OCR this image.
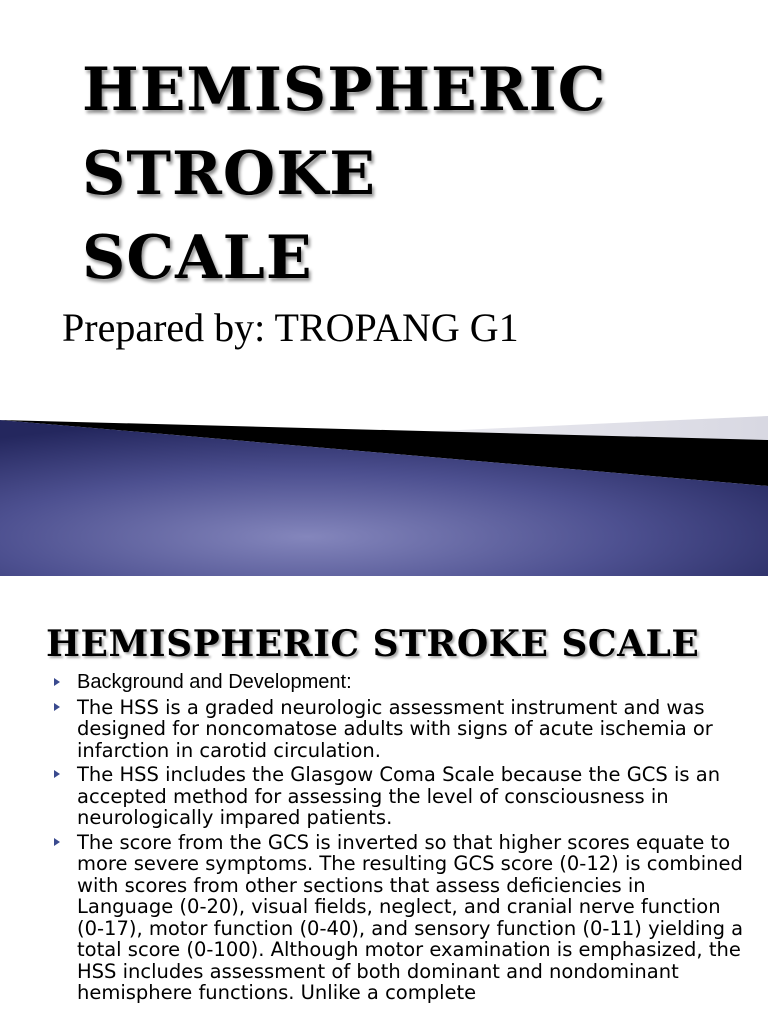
HEMISPHERIC
STROKE
SCALE

Prepared by: TROPANG G1

HEMISPHERIC STROKE SCALE
Background and Development:
The HSS is a graded neurologic assessment instrument and was designed for noncomatose adults with signs of acute ischemia or infarction in carotid circulation.
The HSS includes the Glasgow Coma Scale because the GCS is an accepted method for assessing the level of consciousness in neurologically impared patients.
The score from the GCS is inverted so that higher scores equate to more severe symptoms. The resulting GCS score (0-12) is combined with scores from other sections that assess deficiencies in Language (0-20), visual fields, neglect, and cranial nerve function (0-17), motor function (0-40), and sensory function (0-11) yielding a total score (0-100). Although motor examination is emphasized, the HSS includes assessment of both dominant and nondominant hemisphere functions. Unlike a complete
